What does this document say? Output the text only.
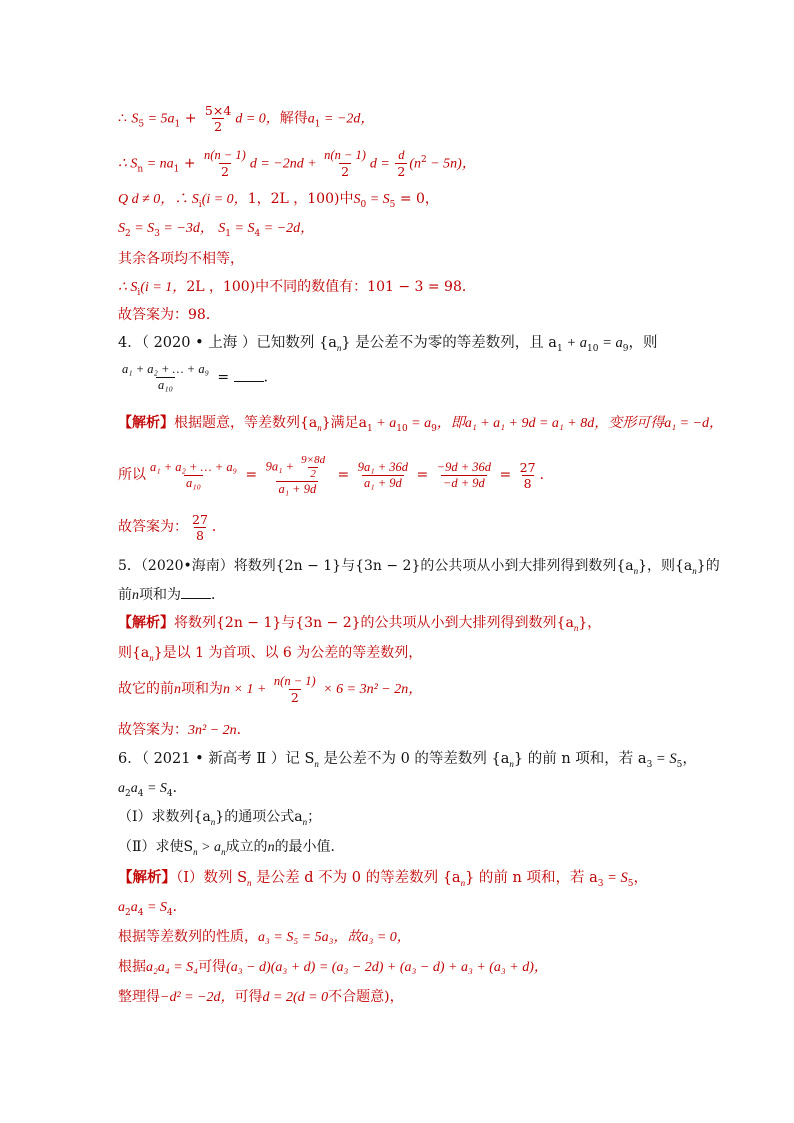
∴ $S_5 = 5a_1 + \frac{5\times 4}{2}$ d = 0，解得$a_1 = -2d$，
∴ $S_n = na_1 + \frac{n(n - 1)}{2}$ $d = -2nd + \frac{n(n - 1)}{2}$ $d = \frac{d}{2} (n^2 - 5n)$，
Q d ≠ 0，∴ $S_i(i = 0$，1，2L ，100)中$S_0 = S_5 = 0$，
$S_2 = S_3 = -3d$， $S_1 = S_4 = -2d$，
其余各项均不相等，
∴ $S_i(i = 1$，2L ，100)中不同的数值有：101 − 3 = 98．
故答案为：98．
4．（ 2020 • 上海 ）已知数列 $\{a_n\}$ 是公差不为零的等差数列，且 $a_1 + a_{10} = a_9$，则
$\frac{\text{a₁ + a₂ + … + a₉}}{\text{a₁₀}}$ = ．
【解析】根据题意，等差数列$\{a_n\}$满足$a_1 + a_{10} = a_9$，即a₁ + a₁ + 9d = a₁ + 8d，变形可得a₁ = −d，
所以 $\frac{\text{a₁ + a₂ + … + a₉}}{\text{a₁₀}} = \frac{9a_1 + \frac{9\times 8d}{2}}{\text{a₁ + 9d}} = \frac{\text{9a₁ + 36d}}{\text{a₁ + 9d}} = \frac{-9d + 36d}{-d + 9d} = \frac{27}{8}$ ．
故答案为： $\frac{27}{8}$ ．
5．（2020•海南）将数列{2n − 1}与{3n − 2}的公共项从小到大排列得到数列$\{a_n\}$，则$\{a_n\}$的
前n项和为 ．
【解析】将数列{2n − 1}与{3n − 2}的公共项从小到大排列得到数列$\{a_n\}$，
则$\{a_n\}$是以 1 为首项、以 6 为公差的等差数列，
故它的前n项和为$n \times 1 + \frac{n(n - 1)}{2} \times 6 = 3n^2 - 2n$，
故答案为：3n² − 2n．
6．（ 2021 • 新高考 Ⅱ ）记 $S_n$ 是公差不为 0 的等差数列 $\{a_n\}$ 的前 n 项和，若 $a_3 = S_5$，
$a_2a_4 = S_4$．
（Ⅰ）求数列$\{a_n\}$的通项公式$a_n$；
（Ⅱ）求使$S_n > a_n$成立的n的最小值．
【解析】（Ⅰ）数列 $S_n$ 是公差 d 不为 0 的等差数列 $\{a_n\}$ 的前 n 项和，若 $a_3 = S_5$，
$a_2a_4 = S_4$．
根据等差数列的性质，a₃ = S₅ = 5a₃，故a₃ = 0，
根据a₂a₄ = S₄可得(a₃ − d)(a₃ + d) = (a₃ − 2d) + (a₃ − d) + a₃ + (a₃ + d)，
整理得−d² = −2d，可得d = 2(d = 0不合题意)，
